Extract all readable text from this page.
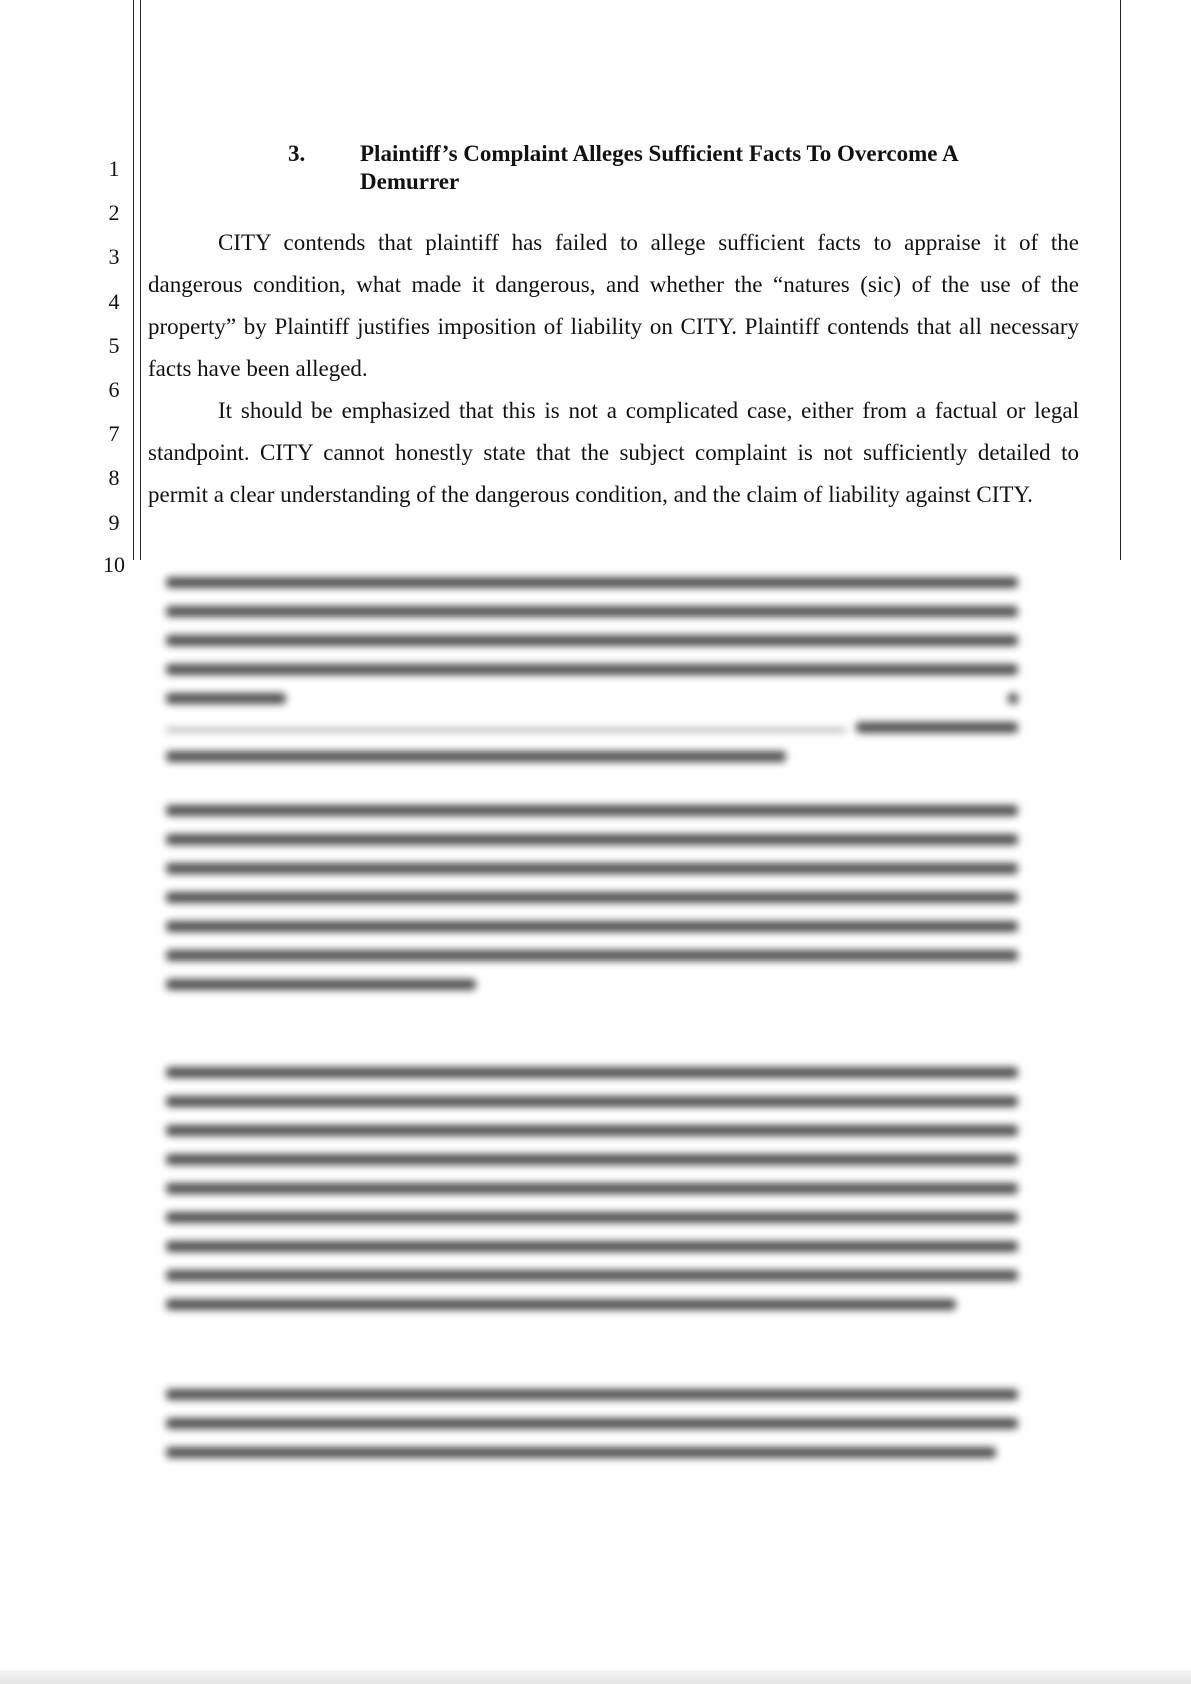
1
2
3
4
5
6
7
8
9
10
3. Plaintiff’s Complaint Alleges Sufficient Facts To Overcome A Demurrer

CITY contends that plaintiff has failed to allege sufficient facts to appraise it of the dangerous condition, what made it dangerous, and whether the “natures (sic) of the use of the property” by Plaintiff justifies imposition of liability on CITY. Plaintiff contends that all necessary facts have been alleged.

It should be emphasized that this is not a complicated case, either from a factual or legal standpoint. CITY cannot honestly state that the subject complaint is not sufficiently detailed to permit a clear understanding of the dangerous condition, and the claim of liability against CITY.
